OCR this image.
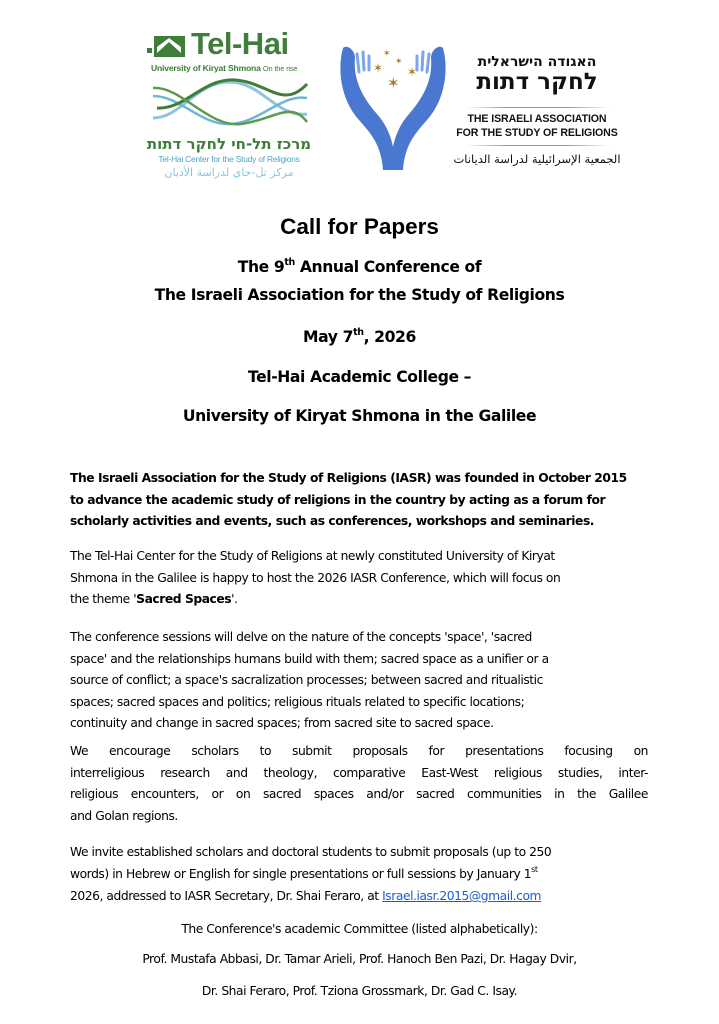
Tel-Hai
University of Kiryat Shmona On the rise
מרכז תל-חי לחקר דתות
Tel-Hai Center for the Study of Religions
مركز تل-حاي لدراسة الأديان
✶
✶ ✶
✶
✶
האגודה הישראלית
לחקר דתות
THE ISRAELI ASSOCIATION
FOR THE STUDY OF RELIGIONS
الجمعية الإسرائيلية لدراسة الديانات
Call for Papers
The 9th Annual Conference of
The Israeli Association for the Study of Religions
May 7th, 2026
Tel-Hai Academic College –
University of Kiryat Shmona in the Galilee
The Israeli Association for the Study of Religions (IASR) was founded in October 2015
to advance the academic study of religions in the country by acting as a forum for
scholarly activities and events, such as conferences, workshops and seminaries.
The Tel-Hai Center for the Study of Religions at newly constituted University of Kiryat
Shmona in the Galilee is happy to host the 2026 IASR Conference, which will focus on
the theme 'Sacred Spaces'.
The conference sessions will delve on the nature of the concepts 'space', 'sacred
space' and the relationships humans build with them; sacred space as a unifier or a
source of conflict; a space's sacralization processes; between sacred and ritualistic
spaces; sacred spaces and politics; religious rituals related to specific locations;
continuity and change in sacred spaces; from sacred site to sacred space.
We encourage scholars to submit proposals for presentations focusing on
interreligious research and theology, comparative East-West religious studies, inter-
religious encounters, or on sacred spaces and/or sacred communities in the Galilee
and Golan regions.
We invite established scholars and doctoral students to submit proposals (up to 250
words) in Hebrew or English for single presentations or full sessions by January 1st
2026, addressed to IASR Secretary, Dr. Shai Feraro, at Israel.iasr.2015@gmail.com
The Conference's academic Committee (listed alphabetically):
Prof. Mustafa Abbasi, Dr. Tamar Arieli, Prof. Hanoch Ben Pazi, Dr. Hagay Dvir,
Dr. Shai Feraro, Prof. Tziona Grossmark, Dr. Gad C. Isay.
